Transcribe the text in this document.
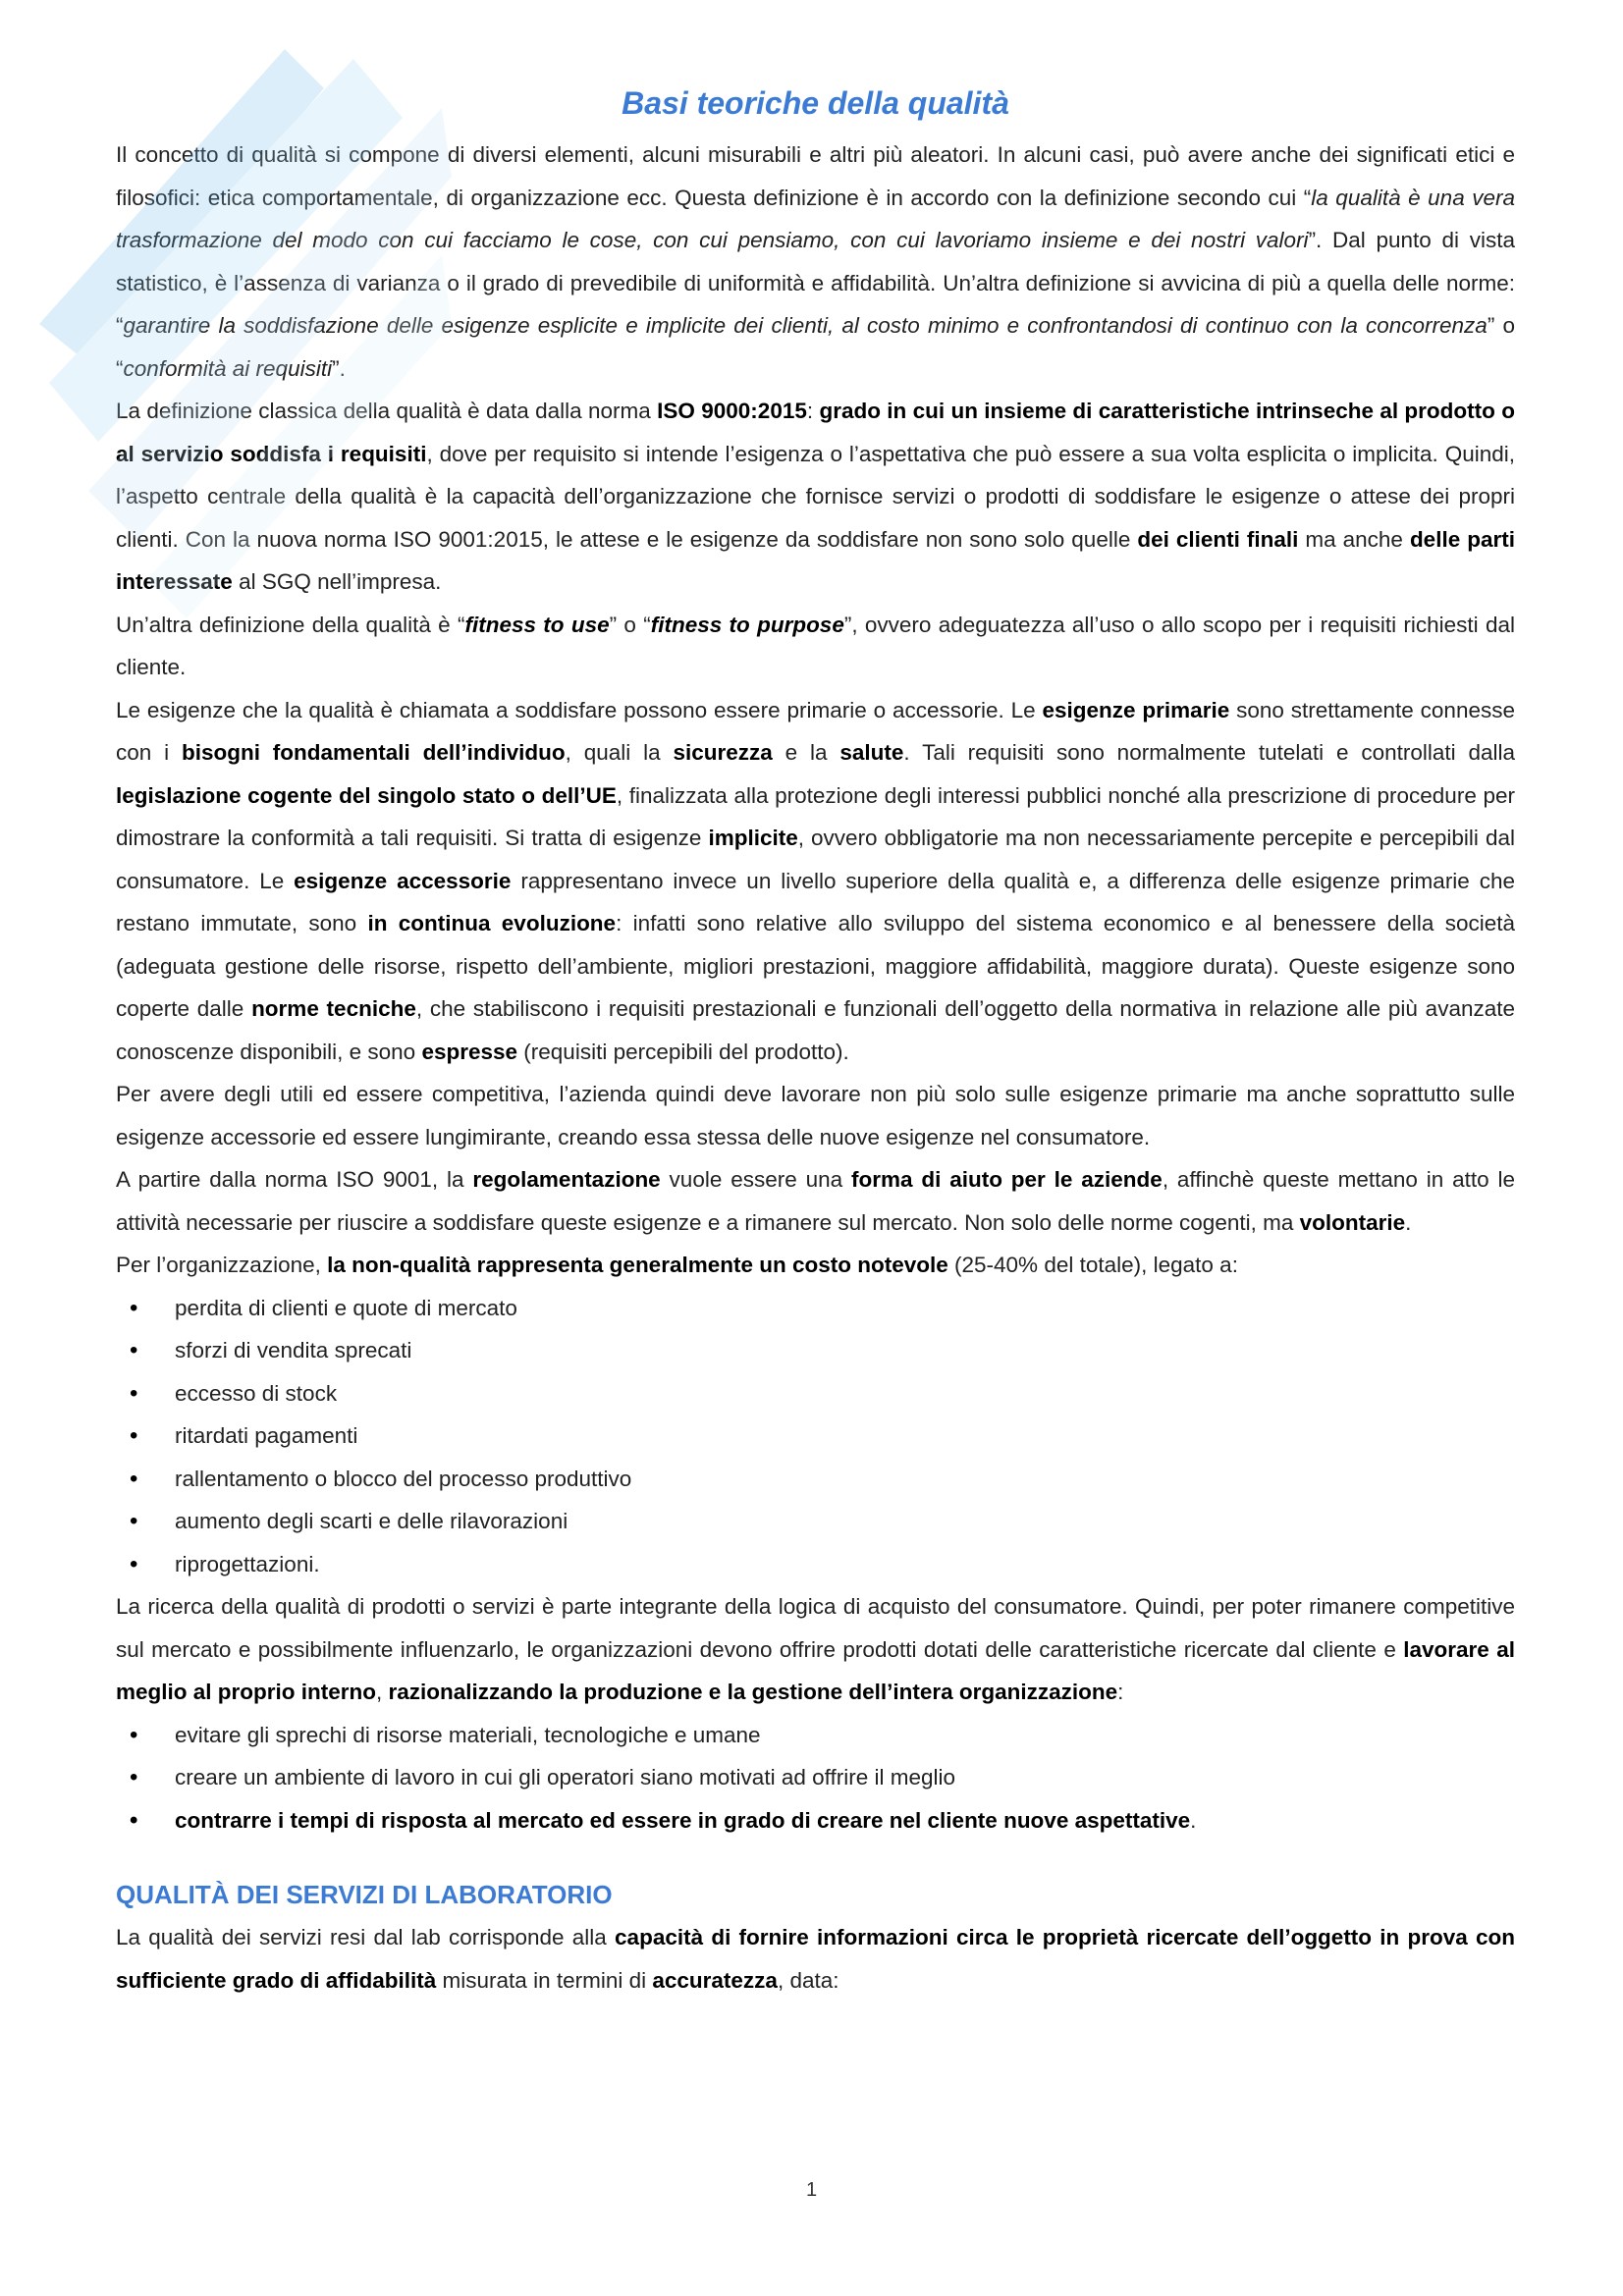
Basi teoriche della qualità

Il concetto di qualità si compone di diversi elementi, alcuni misurabili e altri più aleatori. In alcuni casi, può avere anche dei significati etici e filosofici: etica comportamentale, di organizzazione ecc. Questa definizione è in accordo con la definizione secondo cui “la qualità è una vera trasformazione del modo con cui facciamo le cose, con cui pensiamo, con cui lavoriamo insieme e dei nostri valori”. Dal punto di vista statistico, è l’assenza di varianza o il grado di prevedibile di uniformità e affidabilità. Un’altra definizione si avvicina di più a quella delle norme: “garantire la soddisfazione delle esigenze esplicite e implicite dei clienti, al costo minimo e confrontandosi di continuo con la concorrenza” o “conformità ai requisiti”.

La definizione classica della qualità è data dalla norma ISO 9000:2015: grado in cui un insieme di caratteristiche intrinseche al prodotto o al servizio soddisfa i requisiti, dove per requisito si intende l’esigenza o l’aspettativa che può essere a sua volta esplicita o implicita. Quindi, l’aspetto centrale della qualità è la capacità dell’organizzazione che fornisce servizi o prodotti di soddisfare le esigenze o attese dei propri clienti. Con la nuova norma ISO 9001:2015, le attese e le esigenze da soddisfare non sono solo quelle dei clienti finali ma anche delle parti interessate al SGQ nell’impresa.

Un’altra definizione della qualità è “fitness to use” o “fitness to purpose”, ovvero adeguatezza all’uso o allo scopo per i requisiti richiesti dal cliente.

Le esigenze che la qualità è chiamata a soddisfare possono essere primarie o accessorie. Le esigenze primarie sono strettamente connesse con i bisogni fondamentali dell’individuo, quali la sicurezza e la salute. Tali requisiti sono normalmente tutelati e controllati dalla legislazione cogente del singolo stato o dell’UE, finalizzata alla protezione degli interessi pubblici nonché alla prescrizione di procedure per dimostrare la conformità a tali requisiti. Si tratta di esigenze implicite, ovvero obbligatorie ma non necessariamente percepite e percepibili dal consumatore. Le esigenze accessorie rappresentano invece un livello superiore della qualità e, a differenza delle esigenze primarie che restano immutate, sono in continua evoluzione: infatti sono relative allo sviluppo del sistema economico e al benessere della società (adeguata gestione delle risorse, rispetto dell’ambiente, migliori prestazioni, maggiore affidabilità, maggiore durata). Queste esigenze sono coperte dalle norme tecniche, che stabiliscono i requisiti prestazionali e funzionali dell’oggetto della normativa in relazione alle più avanzate conoscenze disponibili, e sono espresse (requisiti percepibili del prodotto).

Per avere degli utili ed essere competitiva, l’azienda quindi deve lavorare non più solo sulle esigenze primarie ma anche soprattutto sulle esigenze accessorie ed essere lungimirante, creando essa stessa delle nuove esigenze nel consumatore.

A partire dalla norma ISO 9001, la regolamentazione vuole essere una forma di aiuto per le aziende, affinchè queste mettano in atto le attività necessarie per riuscire a soddisfare queste esigenze e a rimanere sul mercato. Non solo delle norme cogenti, ma volontarie.

Per l’organizzazione, la non-qualità rappresenta generalmente un costo notevole (25-40% del totale), legato a:

• perdita di clienti e quote di mercato
• sforzi di vendita sprecati
• eccesso di stock
• ritardati pagamenti
• rallentamento o blocco del processo produttivo
• aumento degli scarti e delle rilavorazioni
• riprogettazioni.

La ricerca della qualità di prodotti o servizi è parte integrante della logica di acquisto del consumatore. Quindi, per poter rimanere competitive sul mercato e possibilmente influenzarlo, le organizzazioni devono offrire prodotti dotati delle caratteristiche ricercate dal cliente e lavorare al meglio al proprio interno, razionalizzando la produzione e la gestione dell’intera organizzazione:

• evitare gli sprechi di risorse materiali, tecnologiche e umane
• creare un ambiente di lavoro in cui gli operatori siano motivati ad offrire il meglio
• contrarre i tempi di risposta al mercato ed essere in grado di creare nel cliente nuove aspettative.
QUALITÀ DEI SERVIZI DI LABORATORIO

La qualità dei servizi resi dal lab corrisponde alla capacità di fornire informazioni circa le proprietà ricercate dell’oggetto in prova con sufficiente grado di affidabilità misurata in termini di accuratezza, data:

1
